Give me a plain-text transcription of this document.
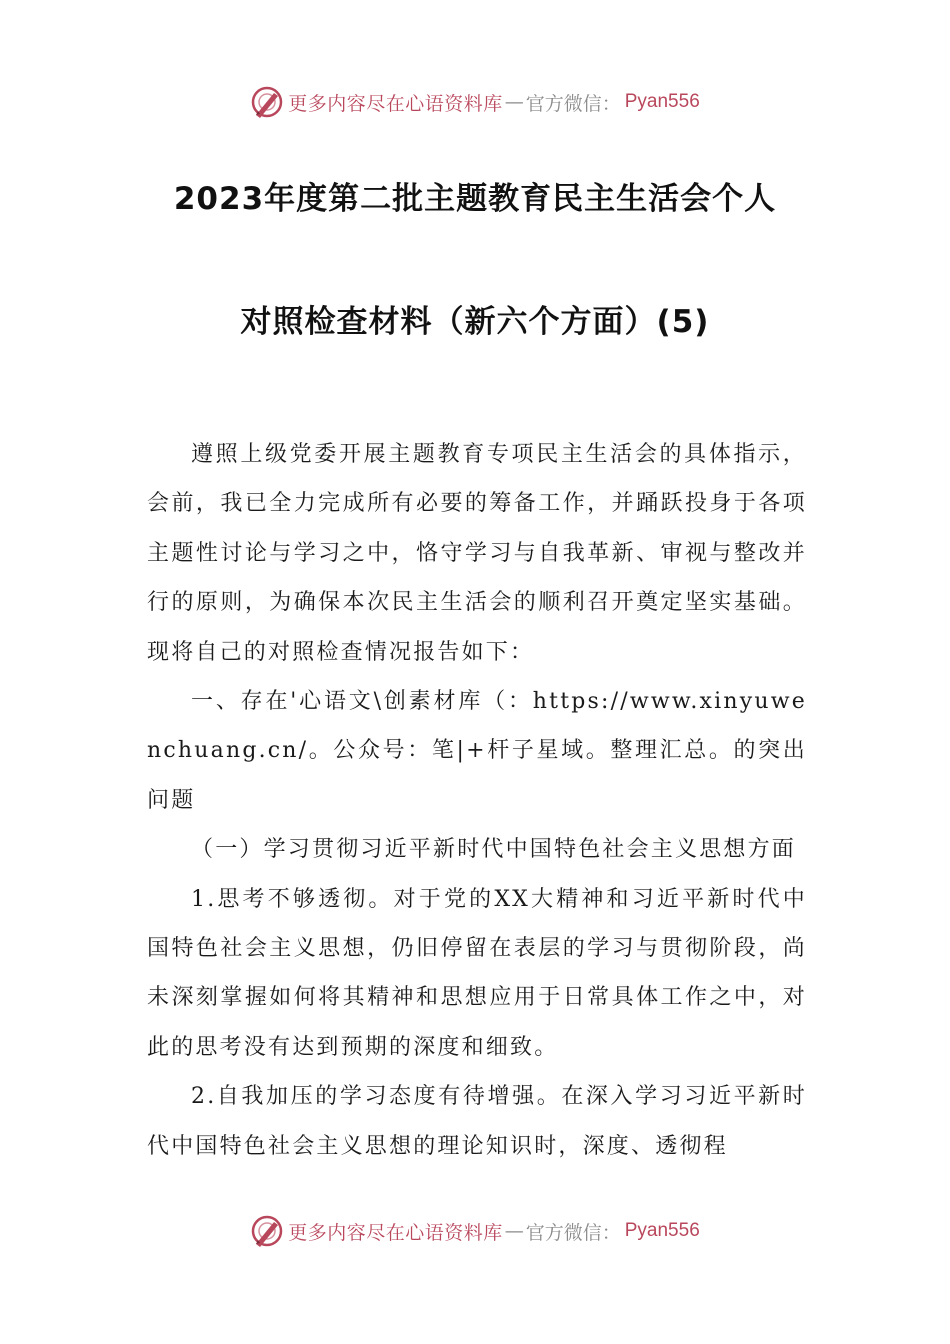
更多内容尽在心语资料库 — 官方微信： Pyan556
2023年度第二批主题教育民主生活会个人
对照检查材料（新六个方面）(5)

遵照上级党委开展主题教育专项民主生活会的具体指示，会前，我已全力完成所有必要的筹备工作，并踊跃投身于各项主题性讨论与学习之中，恪守学习与自我革新、审视与整改并行的原则，为确保本次民主生活会的顺利召开奠定坚实基础。现将自己的对照检查情况报告如下：

一、存在'心语文\创素材库（：https://www.xinyuwenchuang.cn/。公众号：笔|+杆子星域。整理汇总。的突出问题

（一）学习贯彻习近平新时代中国特色社会主义思想方面

1.思考不够透彻。对于党的XX大精神和习近平新时代中国特色社会主义思想，仍旧停留在表层的学习与贯彻阶段，尚未深刻掌握如何将其精神和思想应用于日常具体工作之中，对此的思考没有达到预期的深度和细致。

2.自我加压的学习态度有待增强。在深入学习习近平新时代中国特色社会主义思想的理论知识时，深度、透彻程

更多内容尽在心语资料库 — 官方微信： Pyan556
